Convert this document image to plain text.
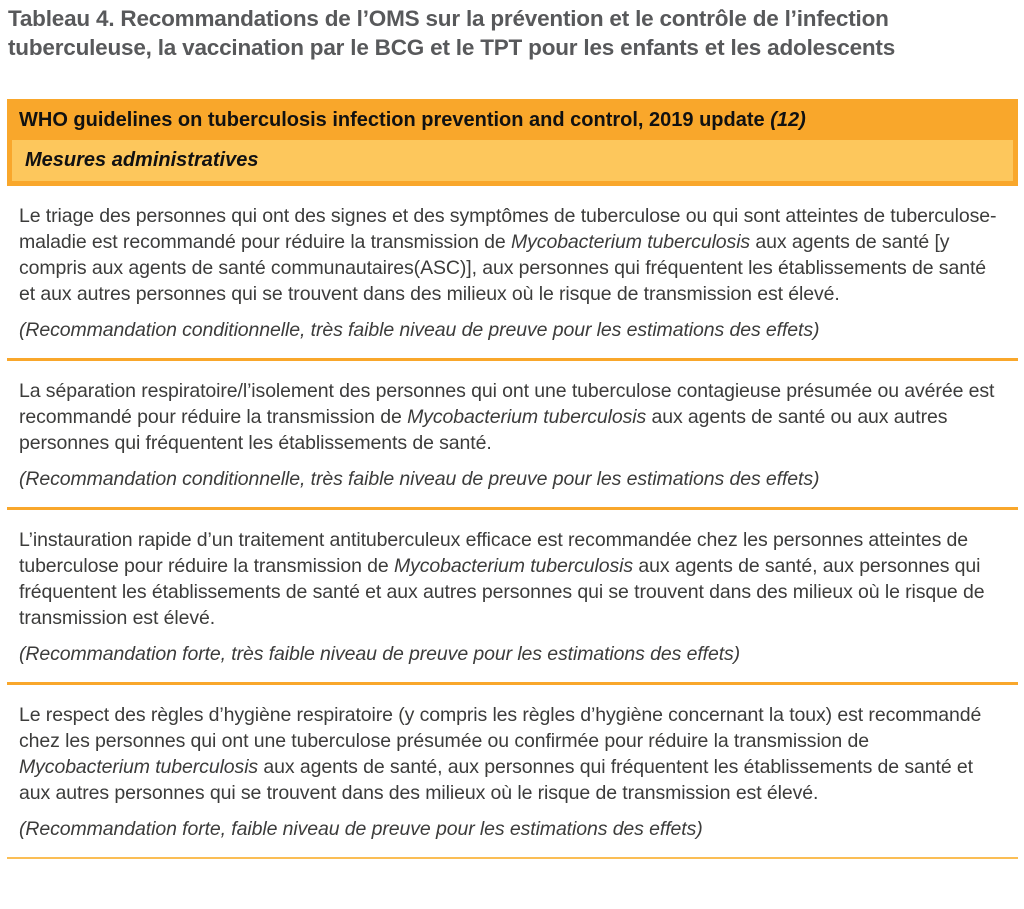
Tableau 4. Recommandations de l’OMS sur la prévention et le contrôle de l’infection tuberculeuse, la vaccination par le BCG et le TPT pour les enfants et les adolescents
WHO guidelines on tuberculosis infection prevention and control, 2019 update (12)
Mesures administratives

Le triage des personnes qui ont des signes et des symptômes de tuberculose ou qui sont atteintes de tuberculose-maladie est recommandé pour réduire la transmission de Mycobacterium tuberculosis aux agents de santé [y compris aux agents de santé communautaires(ASC)], aux personnes qui fréquentent les établissements de santé et aux autres personnes qui se trouvent dans des milieux où le risque de transmission est élevé.

(Recommandation conditionnelle, très faible niveau de preuve pour les estimations des effets)

La séparation respiratoire/l’isolement des personnes qui ont une tuberculose contagieuse présumée ou avérée est recommandé pour réduire la transmission de Mycobacterium tuberculosis aux agents de santé ou aux autres personnes qui fréquentent les établissements de santé.

(Recommandation conditionnelle, très faible niveau de preuve pour les estimations des effets)

L’instauration rapide d’un traitement antituberculeux efficace est recommandée chez les personnes atteintes de tuberculose pour réduire la transmission de Mycobacterium tuberculosis aux agents de santé, aux personnes qui fréquentent les établissements de santé et aux autres personnes qui se trouvent dans des milieux où le risque de transmission est élevé.

(Recommandation forte, très faible niveau de preuve pour les estimations des effets)

Le respect des règles d’hygiène respiratoire (y compris les règles d’hygiène concernant la toux) est recommandé chez les personnes qui ont une tuberculose présumée ou confirmée pour réduire la transmission de Mycobacterium tuberculosis aux agents de santé, aux personnes qui fréquentent les établissements de santé et aux autres personnes qui se trouvent dans des milieux où le risque de transmission est élevé.

(Recommandation forte, faible niveau de preuve pour les estimations des effets)
